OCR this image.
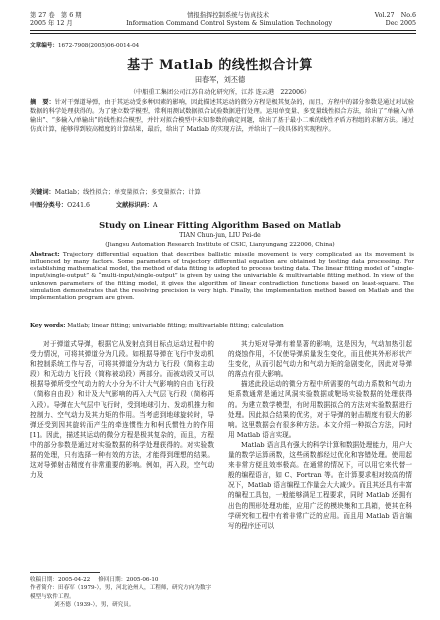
第 27 卷　第 6 期	情报指挥控制系统与仿真技术	Vol.27　No.6
2005 年 12 月	Information Command Control System & Simulation Technology	Dec 2005
文章编号：1672-7908(2005)06-0014-04
基于 Matlab 的线性拟合计算
田春军，刘丕德
（中船重工集团公司江苏自动化研究所，江苏 连云港　222006）
摘　要：针对干弹道导弹，由于其运动受多种因素的影响，因此描述其运动的微分方程是极其复杂的，而且，方程中的部分参数是通过对试验数据的科学处理获得的。为了建立数学模型，常利用测试数据拟合试验数据进行处理。运用单变量、多变量线性拟合方法，给出了“单输入/单输出”、“多输入/单输出”的线性拟合模型，并针对拟合模型中未知参数的确定问题，给出了基于最小二乘的线性矛盾方程组的求解方法。通过仿真计算，能够得到较高精度的计算结果，最后，给出了 Matlab 的实现方法，并给出了一段具体的实现程序。
关键词：Matlab；线性拟合；单变量拟合；多变量拟合；计算
中图分类号：O241.6	文献标识码：A
Study on Linear Fitting Algorithm Based on Matlab
TIAN Chun-jun, LIU Pei-de
(Jiangsu Automation Research Institute of CSIC, Lianyungang 222006, China)
Abstract: Trajectory differential equation that describes ballistic missile movement is very complicated as its movement is influenced by many factors. Some parameters of trajectory differential equation are obtained by testing data processing. For establishing mathematical model, the method of data fitting is adopted to process testing data. The linear fitting model of “single-input/single-output” & “multi-input/single-output” is given by using the univariable & multivariable fitting method. In view of the unknown parameters of the fitting model, it gives the algorithm of linear contradiction functions based on least-square. The simulation demonstrates that the resolving precision is very high. Finally, the implementation method based on Matlab and the implementation program are given.
Key words: Matlab; linear fitting; univariable fitting; multivariable fitting; calculation

对于弹道式导弹，根据它从发射点到目标点运动过程中的受力情况，可将其弹道分为几段。如根据导弹在飞行中发动机和控制系统工作与否，可将其弹道分为动力飞行段（简称主动段）和无动力飞行段（简称被动段）两部分。而被动段又可以根据导弹所受空气动力的大小分为不计大气影响的自由飞行段（简称自由段）和计及大气影响的再入大气层飞行段（简称再入段）。导弹在大气层中飞行时，受到地球引力、发动机推力和控制力、空气动力及其力矩的作用。当考虑到地球旋转时，导弹还受到因其旋转而产生的牵连惯性力和柯氏惯性力的作用[1]。因此，描述其运动的微分方程是极其复杂的，而且，方程中的部分参数是通过对实验数据的科学处理获得的。对实验数据的处理，只有选择一种有效的方法，才能得到理想的结果。这对导弹射击精度有非常重要的影响。例如，再入段，空气动力及

其力矩对导弹有着显著的影响，这是因为，气动加热引起的烧蚀作用，不仅使导弹质量发生变化，而且使其外形形状产生变化，从而引起气动力和气动力矩的急剧变化，因此对导弹的落点有很大影响。

描述此段运动的微分方程中所需要的气动力系数和气动力矩系数通常是通过风洞实验数据或靶场实验数据的处理获得的。为建立数学模型，有时用数据拟合的方法对实验数据进行处理。因此拟合结果的优劣，对于导弹的射击精度有很大的影响。这里数据会有很多种方法。本文介绍一种拟合方法，同时用 Matlab 语言实现。

Matlab 语言具有强大的科学计算和数据处理能力，用户大量的数学运算函数，这些函数都经过优化和容错处理。使用起来非常方便且效率极高。在通常的情况下，可以用它来代替一般的编程语言，如 C、Fortran 等。在计算要求相对较高的情况下，Matlab 语言编程工作量会大大减少。而且其还具有丰富的编程工具包，一般能够满足工程要求，同时 Matlab 还拥有出色的图形处理功能，应用广泛的模块集和工具箱，使其在科学研究和工程中有着非常广泛的应用。而且用 Matlab 语言编写的程序还可以

收稿日期：2005-04-22 修回日期：2005-06-10
作者简介：田春军（1979-），男，河北沧州人，工程师，研究方向为数字模型与软件工程。
刘丕德（1939-），男，研究员。
